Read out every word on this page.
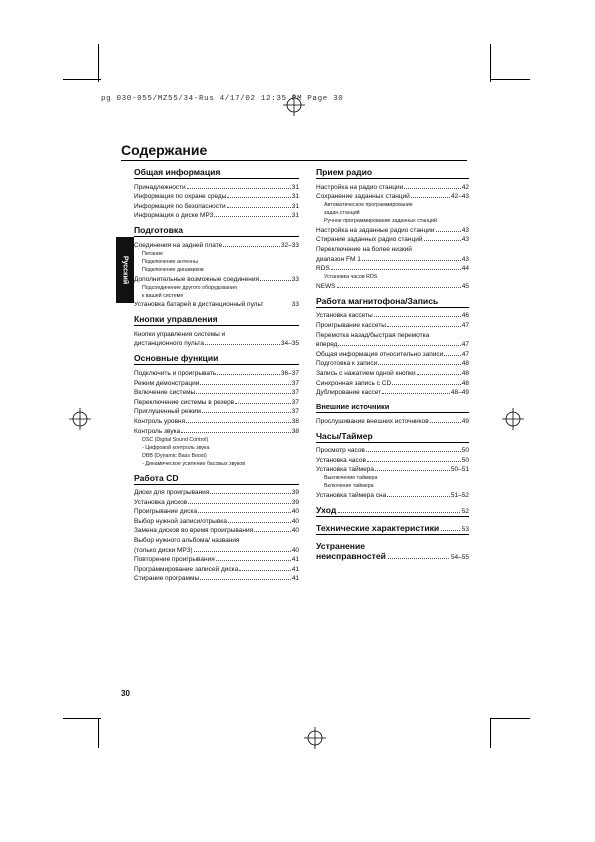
pg 030-055/MZ55/34-Rus 4/17/02 12:35 PM Page 30
Русский
Содержание
Общая информация
Принадлежности	31
Информация по охране среды	31
Информация по безопасности	31
Информация о диске MP3	31
Подготовка
Соединения на задней плате	32–33
Питание
Подключение антенны
Подключение динамиков
Дополнительные возможные соединения	33
Подсоединение другого оборудования
к вашей системе
Установка батарей в дистанционный пульт	33
Кнопки управления
Кнопки управления системы и
дистанционного пульта	34–35
Основные функции
Подключить и проигрывать	36–37
Режим демонстрации	37
Включение системы	37
Переключение системы в резерв	37
Приглушенный режим	37
Контроль уровня	38
Контроль звука	38
DSC (Digital Sound Control)
- Цифровой контроль звука
DBB (Dynamic Bass Boost)
- Динамическое усиление басовых звуков
Работа CD
Диски для проигрывания	39
Установка дисков	39
Проигрывание диска	40
Выбор нужной записи/отрывка	40
Замена дисков во время проигрывания	40
Выбор нужного альбома/ названия
(только диски MP3)	40
Повторение проигрывания	41
Программирование записей диска	41
Стирание программы	41
Прием радио
Настройка на радио станции	42
Сохранение заданных станций	42–43
Автоматическое программирование
задан.станций
Ручное программирование заданных станций
Настройка на заданные радио станции	43
Стирание заданных радио станций	43
Переключение на более низкий
диапазон FM 1	43
RDS	44
Установка часов RDS
NEWS	45
Работа магнитофона/Запись
Установка кассеты	46
Проигрывание кассеты	47
Перемотка назад/быстрая перемотка
вперед	47
Общая информация относительно записи	47
Подготовка к записи	48
Запись с нажатием одной кнопки	48
Синхронная запись с CD	48
Дублирование кассет	48–49
Внешние источники
Прослушивание внешних источников	49
Часы/Таймер
Просмотр часов	50
Установка часов	50
Установка таймера	50–51
Выключение таймера
Включение таймера
Установка таймера сна	51–52
Уход	52
Технические характеристики	53
Устранение
неисправностей	54–55
30
